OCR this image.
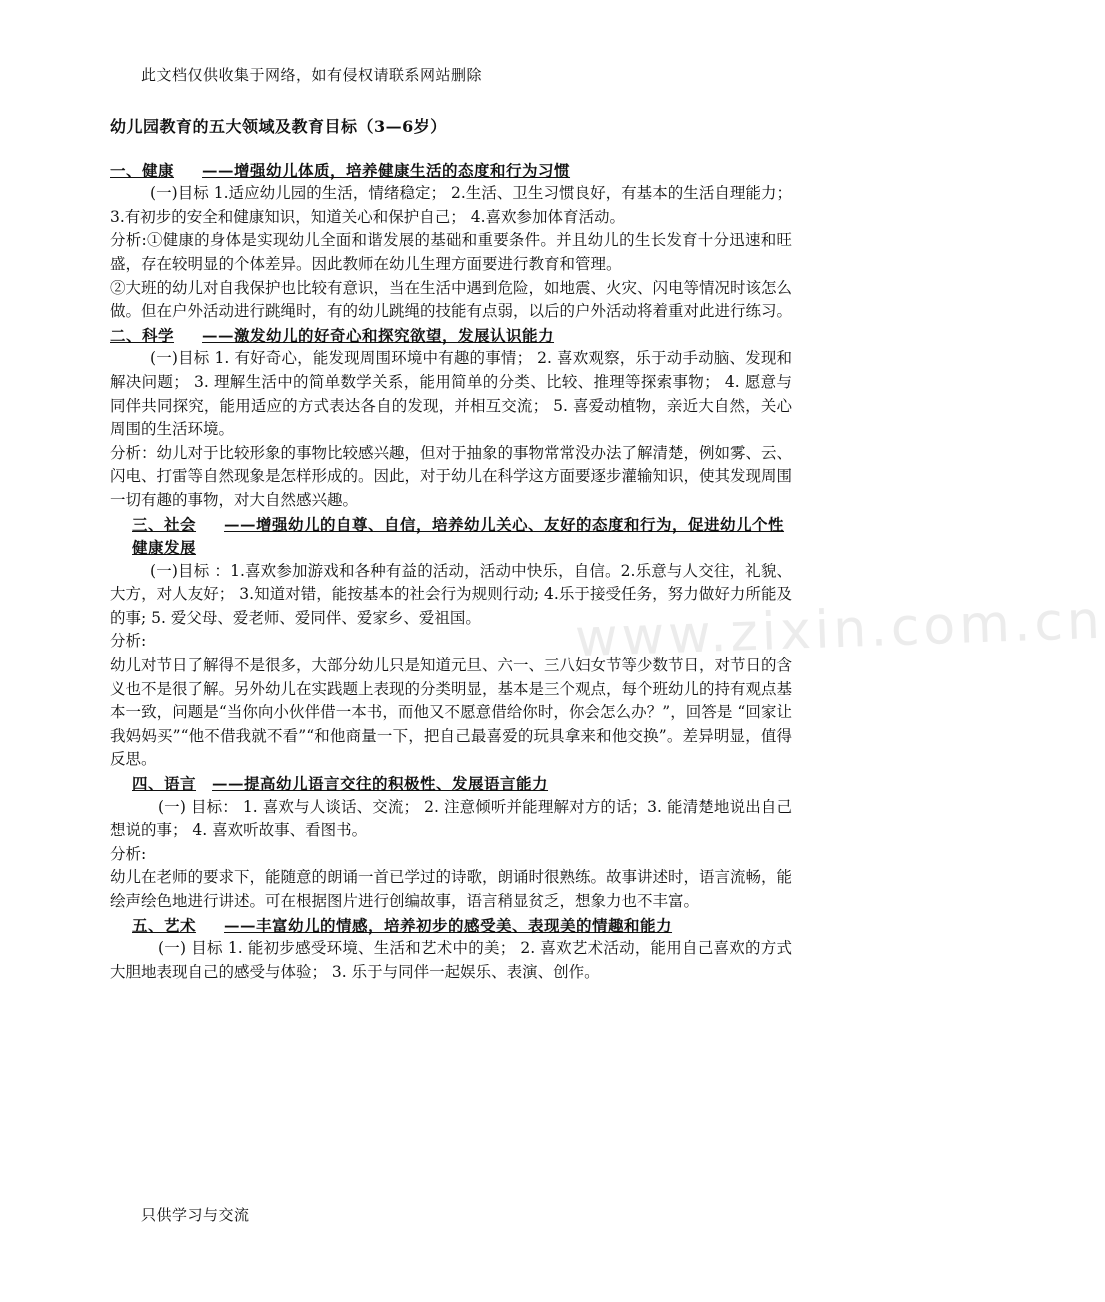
www.zixin.com.cn
此文档仅供收集于网络，如有侵权请联系网站删除
幼儿园教育的五大领域及教育目标（3—6岁）
一、健康 ——增强幼儿体质，培养健康生活的态度和行为习惯

(一)目标 1.适应幼儿园的生活，情绪稳定； 2.生活、卫生习惯良好，有基本的生活自理能力； 3.有初步的安全和健康知识，知道关心和保护自己； 4.喜欢参加体育活动。

分析:①健康的身体是实现幼儿全面和谐发展的基础和重要条件。并且幼儿的生长发育十分迅速和旺盛，存在较明显的个体差异。因此教师在幼儿生理方面要进行教育和管理。

②大班的幼儿对自我保护也比较有意识，当在生活中遇到危险，如地震、火灾、闪电等情况时该怎么做。但在户外活动进行跳绳时，有的幼儿跳绳的技能有点弱，以后的户外活动将着重对此进行练习。

二、科学 ——激发幼儿的好奇心和探究欲望，发展认识能力

(一)目标 1. 有好奇心，能发现周围环境中有趣的事情； 2. 喜欢观察，乐于动手动脑、发现和解决问题； 3. 理解生活中的简单数学关系，能用简单的分类、比较、推理等探索事物； 4. 愿意与同伴共同探究，能用适应的方式表达各自的发现，并相互交流； 5. 喜爱动植物，亲近大自然，关心周围的生活环境。

分析：幼儿对于比较形象的事物比较感兴趣，但对于抽象的事物常常没办法了解清楚，例如雾、云、闪电、打雷等自然现象是怎样形成的。因此，对于幼儿在科学这方面要逐步灌输知识，使其发现周围一切有趣的事物，对大自然感兴趣。

三、社会 ——增强幼儿的自尊、自信，培养幼儿关心、友好的态度和行为，促进幼儿个性健康发展

(一)目标 ：1.喜欢参加游戏和各种有益的活动，活动中快乐，自信。2.乐意与人交往，礼貌、大方，对人友好； 3.知道对错，能按基本的社会行为规则行动; 4.乐于接受任务，努力做好力所能及的事; 5. 爱父母、爱老师、爱同伴、爱家乡、爱祖国。

分析:

幼儿对节日了解得不是很多，大部分幼儿只是知道元旦、六一、三八妇女节等少数节日，对节日的含义也不是很了解。另外幼儿在实践题上表现的分类明显，基本是三个观点，每个班幼儿的持有观点基本一致，问题是“当你向小伙伴借一本书，而他又不愿意借给你时，你会怎么办？”，回答是 “回家让我妈妈买”“他不借我就不看”“和他商量一下，把自己最喜爱的玩具拿来和他交换”。差异明显，值得反思。

四、语言 ——提高幼儿语言交往的积极性、发展语言能力

(一) 目标： 1. 喜欢与人谈话、交流； 2. 注意倾听并能理解对方的话；3. 能清楚地说出自己想说的事； 4. 喜欢听故事、看图书。

分析:

幼儿在老师的要求下，能随意的朗诵一首已学过的诗歌，朗诵时很熟练。故事讲述时，语言流畅，能绘声绘色地进行讲述。可在根据图片进行创编故事，语言稍显贫乏，想象力也不丰富。

五、艺术 ——丰富幼儿的情感，培养初步的感受美、表现美的情趣和能力

(一) 目标 1. 能初步感受环境、生活和艺术中的美； 2. 喜欢艺术活动，能用自己喜欢的方式大胆地表现自己的感受与体验； 3. 乐于与同伴一起娱乐、表演、创作。

只供学习与交流
